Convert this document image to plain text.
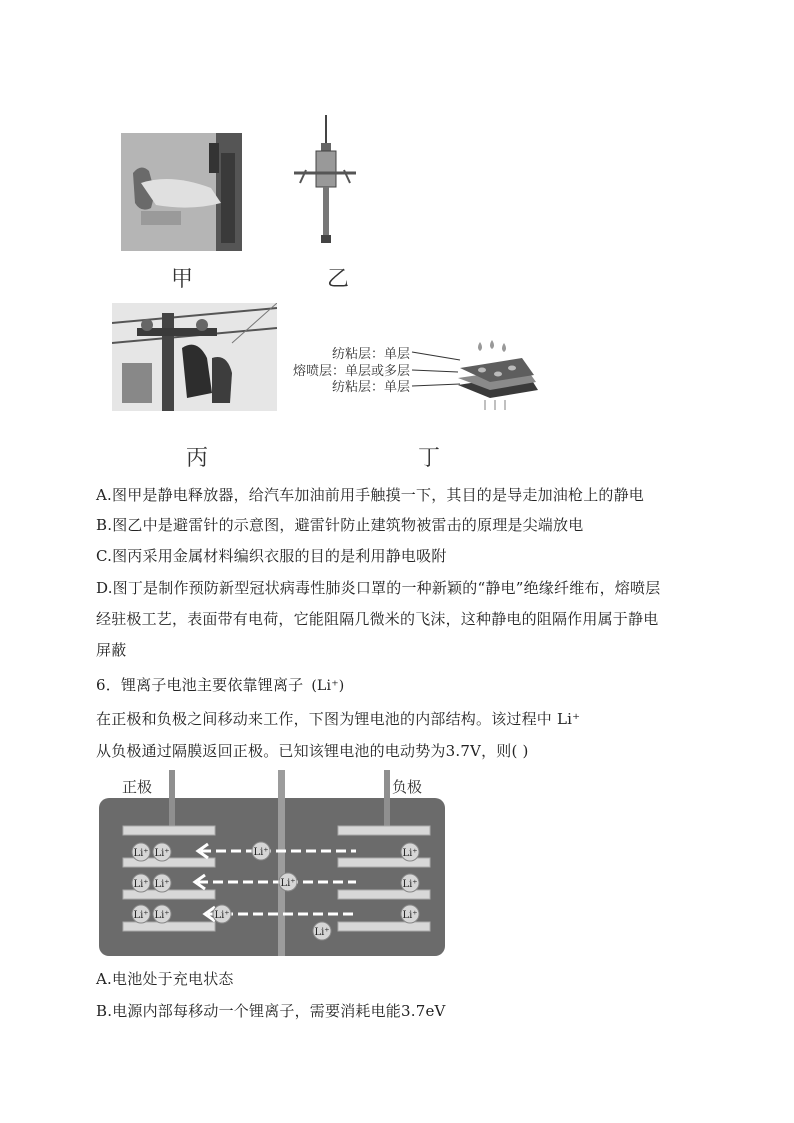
甲	乙
丙
纺粘层：单层
熔喷层：单层或多层
纺粘层：单层
丁
A.图甲是静电释放器，给汽车加油前用手触摸一下，其目的是导走加油枪上的静电
B.图乙中是避雷针的示意图，避雷针防止建筑物被雷击的原理是尖端放电
C.图丙采用金属材料编织衣服的目的是利用静电吸附
D.图丁是制作预防新型冠状病毒性肺炎口罩的一种新颖的“静电”绝缘纤维布，熔喷层
经驻极工艺，表面带有电荷，它能阻隔几微米的飞沫，这种静电的阻隔作用属于静电
屏蔽
6．锂离子电池主要依靠锂离子 (Li⁺)
在正极和负极之间移动来工作，下图为锂电池的内部结构。该过程中 Li⁺
从负极通过隔膜返回正极。已知该锂电池的电动势为3.7V，则( )
正极	负极
Li⁺ Li⁺
Li⁺ Li⁺
Li⁺ Li⁺
Li⁺
Li⁺
Li⁺
Li⁺
Li⁺
Li⁺
Li⁺
A.电池处于充电状态
B.电源内部每移动一个锂离子，需要消耗电能3.7eV
